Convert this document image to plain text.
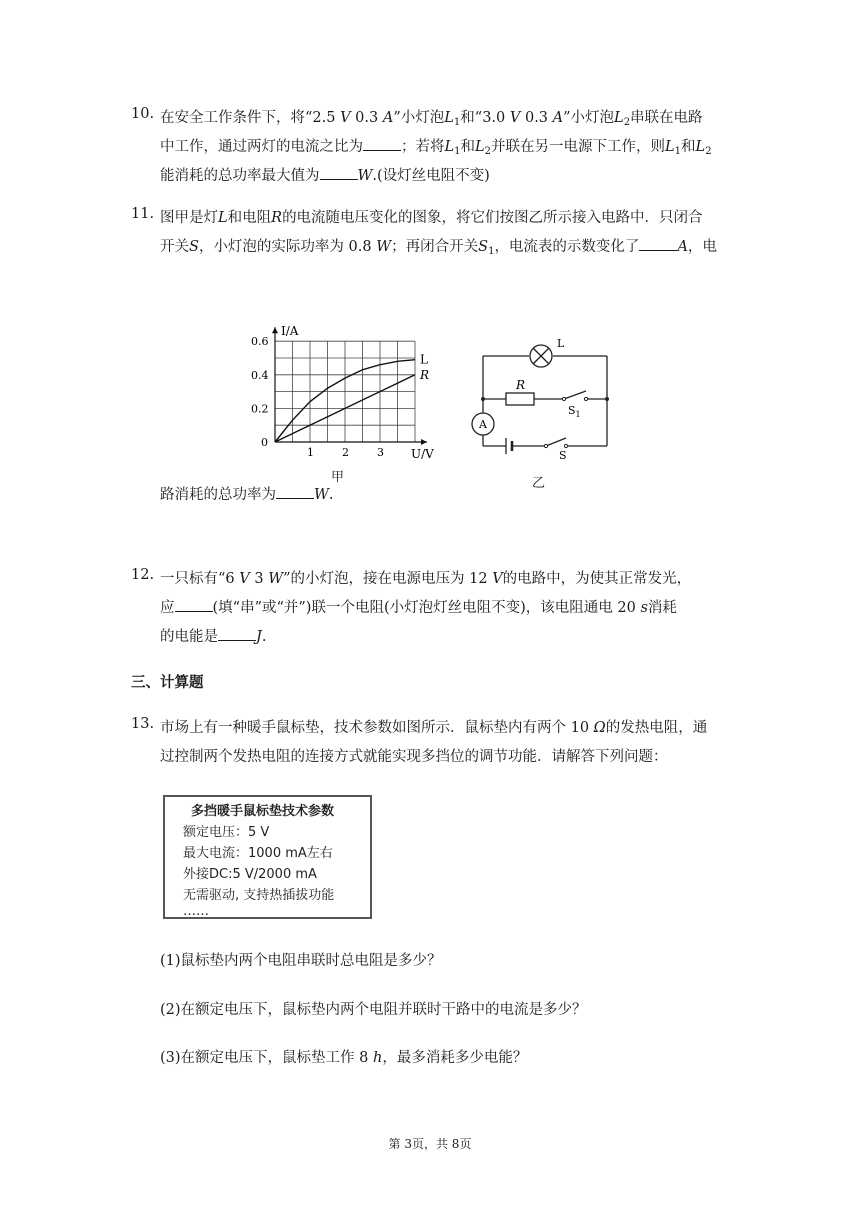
10. 在安全工作条件下，将“2.5 V 0.3 A”小灯泡$L_1$和“3.0 V 0.3 A”小灯泡$L_2$串联在电路
中工作，通过两灯的电流之比为	；若将$L_1$和$L_2$并联在另一电源下工作，则$L_1$和$L_2$
能消耗的总功率最大值为	W.(设灯丝电阻不变)
11. 图甲是灯L和电阻R的电流随电压变化的图象，将它们按图乙所示接入电路中．只闭合
开关S，小灯泡的实际功率为 0.8 W；再闭合开关$S_1$，电流表的示数变化了	A，电
L
R
1	2	3
0.2
0.4
0.6
0
I/A
U/V
甲
L
R
$S_1$
A
S
乙
路消耗的总功率为	W.
12. 一只标有“6 V 3 W”的小灯泡，接在电源电压为 12 V的电路中，为使其正常发光，
应	(填“串”或“并”)联一个电阻(小灯泡灯丝电阻不变)，该电阻通电 20 s消耗
的电能是	J.
三、计算题
13. 市场上有一种暖手鼠标垫，技术参数如图所示．鼠标垫内有两个 10 Ω的发热电阻，通
过控制两个发热电阻的连接方式就能实现多挡位的调节功能．请解答下列问题：
多挡暖手鼠标垫技术参数
额定电压：5 V
最大电流：1000 mA左右
外接DC:5 V/2000 mA
无需驱动, 支持热插拔功能
……
(1)鼠标垫内两个电阻串联时总电阻是多少？
(2)在额定电压下，鼠标垫内两个电阻并联时干路中的电流是多少？
(3)在额定电压下，鼠标垫工作 8 h，最多消耗多少电能？
第 3页，共 8页
